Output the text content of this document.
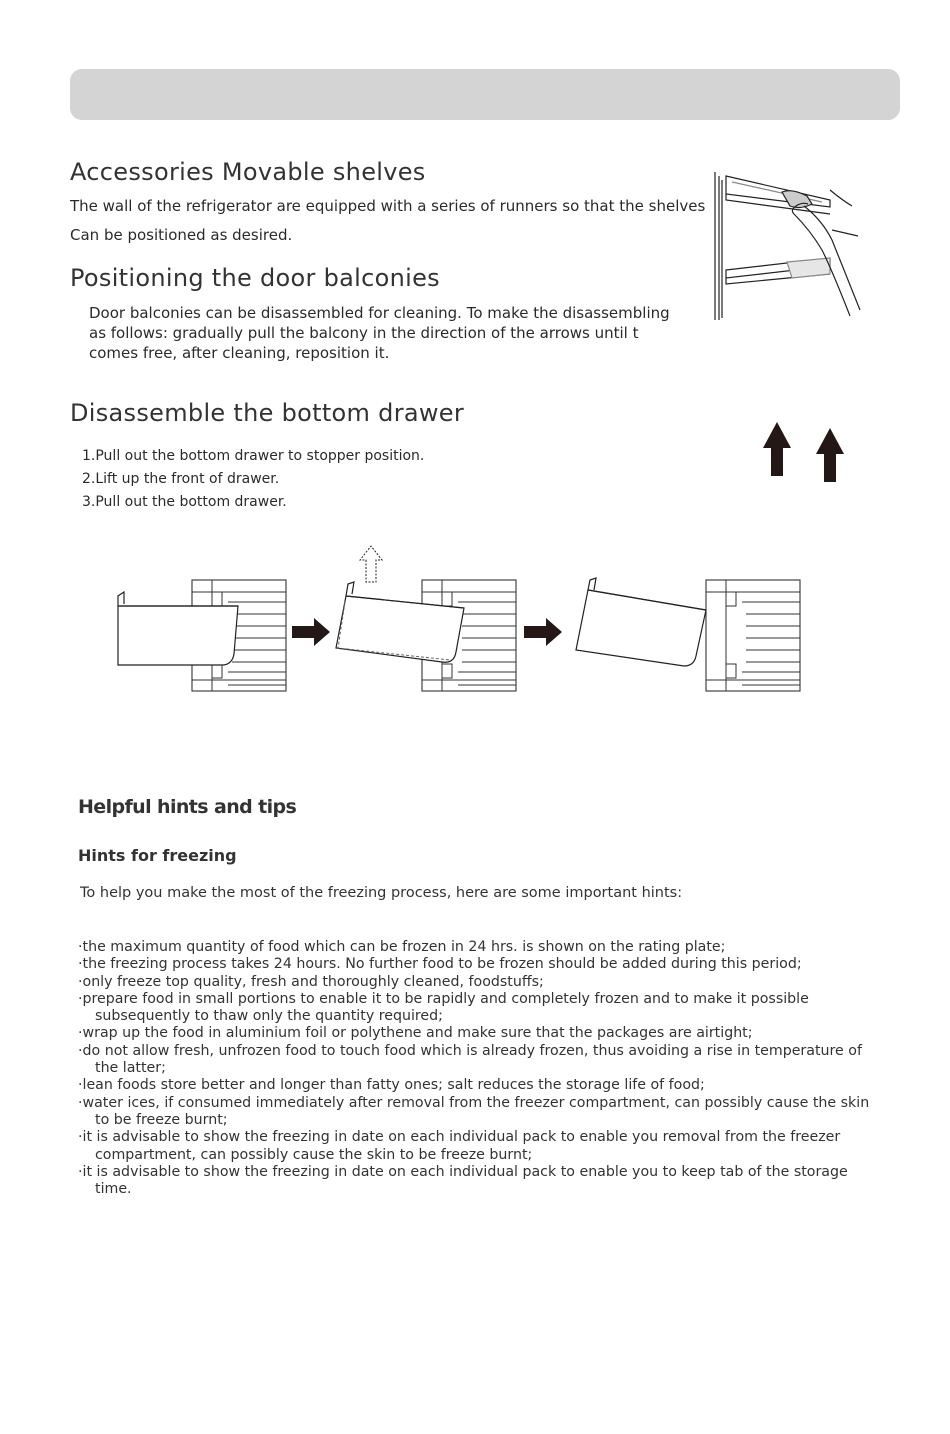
Accessories Movable shelves

The wall of the refrigerator are equipped with a series of runners so that the shelves

Can be positioned as desired.

Positioning the door balconies

Door balconies can be disassembled for cleaning. To make the disassembling

as follows: gradually pull the balcony in the direction of the arrows until t

comes free, after cleaning, reposition it.

Disassemble the bottom drawer
1.Pull out the bottom drawer to stopper position.
2.Lift up the front of drawer.
3.Pull out the bottom drawer.
Helpful hints and tips
Hints for freezing

To help you make the most of the freezing process, here are some important hints:

·the maximum quantity of food which can be frozen in 24 hrs. is shown on the rating plate;
·the freezing process takes 24 hours. No further food to be frozen should be added during this period;
·only freeze top quality, fresh and thoroughly cleaned, foodstuffs;
·prepare food in small portions to enable it to be rapidly and completely frozen and to make it possible subsequently to thaw only the quantity required;
·wrap up the food in aluminium foil or polythene and make sure that the packages are airtight;
·do not allow fresh, unfrozen food to touch food which is already frozen, thus avoiding a rise in temperature of the latter;
·lean foods store better and longer than fatty ones; salt reduces the storage life of food;
·water ices, if consumed immediately after removal from the freezer compartment, can possibly cause the skin to be freeze burnt;
·it is advisable to show the freezing in date on each individual pack to enable you removal from the freezer compartment, can possibly cause the skin to be freeze burnt;
·it is advisable to show the freezing in date on each individual pack to enable you to keep tab of the storage time.
